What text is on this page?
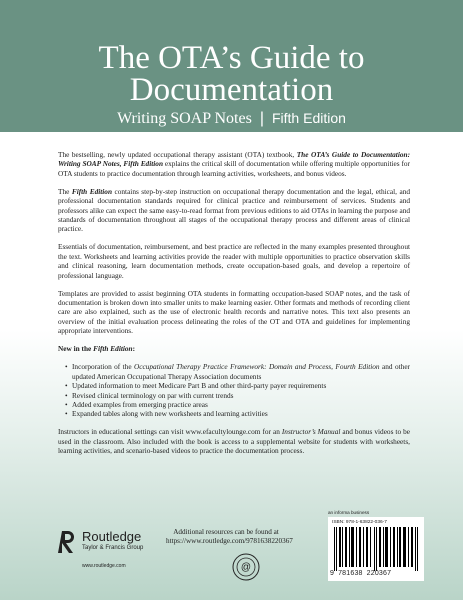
The OTA’s Guide to
Documentation
Writing SOAP Notes | Fifth Edition

The bestselling, newly updated occupational therapy assistant (OTA) textbook, The OTA’s Guide to Documentation: Writing SOAP Notes, Fifth Edition explains the critical skill of documentation while offering multiple opportunities for OTA students to practice documentation through learning activities, worksheets, and bonus videos.

The Fifth Edition contains step-by-step instruction on occupational therapy documentation and the legal, ethical, and professional documentation standards required for clinical practice and reimbursement of services. Students and professors alike can expect the same easy-to-read format from previous editions to aid OTAs in learning the purpose and standards of documentation throughout all stages of the occupational therapy process and different areas of clinical practice.

Essentials of documentation, reimbursement, and best practice are reflected in the many examples presented throughout the text. Worksheets and learning activities provide the reader with multiple opportunities to practice observation skills and clinical reasoning, learn documentation methods, create occupation-based goals, and develop a repertoire of professional language.

Templates are provided to assist beginning OTA students in formatting occupation-based SOAP notes, and the task of documentation is broken down into smaller units to make learning easier. Other formats and methods of recording client care are also explained, such as the use of electronic health records and narrative notes. This text also presents an overview of the initial evaluation process delineating the roles of the OT and OTA and guidelines for implementing appropriate interventions.

New in the Fifth Edition:

• Incorporation of the Occupational Therapy Practice Framework: Domain and Process, Fourth Edition and other updated American Occupational Therapy Association documents
• Updated information to meet Medicare Part B and other third-party payer requirements
• Revised clinical terminology on par with current trends
• Added examples from emerging practice areas
• Expanded tables along with new worksheets and learning activities

Instructors in educational settings can visit www.efacultylounge.com for an Instructor’s Manual and bonus videos to be used in the classroom. Also included with the book is access to a supplemental website for students with worksheets, learning activities, and scenario-based videos to practice the documentation process.

Routledge
Taylor & Francis Group
www.routledge.com
Additional resources can be found at
https://www.routledge.com/9781638220367
@
an informa business
ISBN: 978-1-63822-036-7
9 781638 220367
